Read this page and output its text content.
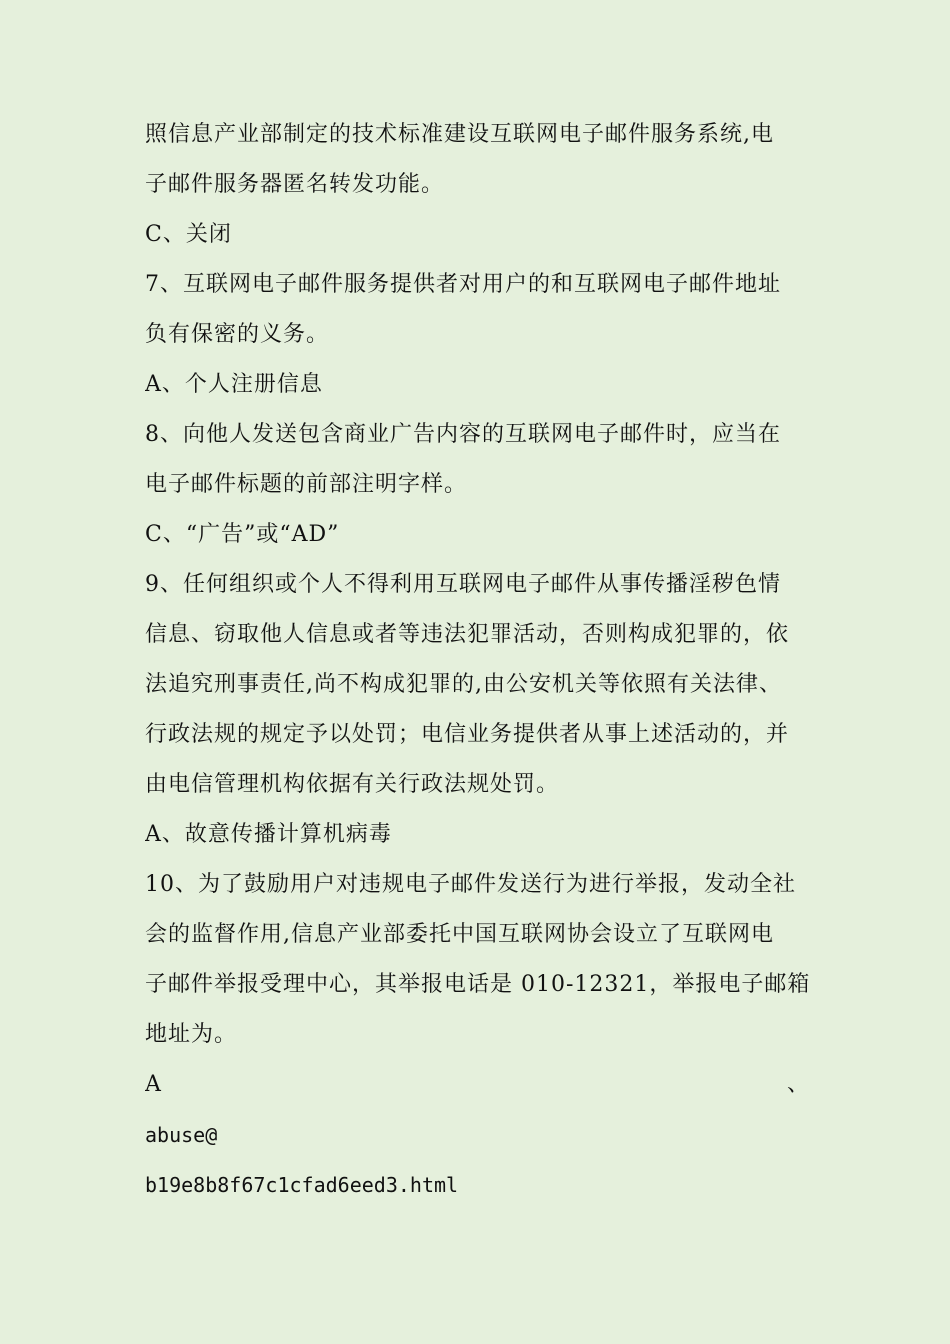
照信息产业部制定的技术标准建设互联网电子邮件服务系统,电
子邮件服务器匿名转发功能。
C、关闭
7、互联网电子邮件服务提供者对用户的和互联网电子邮件地址
负有保密的义务。
A、个人注册信息
8、向他人发送包含商业广告内容的互联网电子邮件时，应当在
电子邮件标题的前部注明字样。
C、“广告”或“AD”
9、任何组织或个人不得利用互联网电子邮件从事传播淫秽色情
信息、窃取他人信息或者等违法犯罪活动，否则构成犯罪的，依
法追究刑事责任,尚不构成犯罪的,由公安机关等依照有关法律、
行政法规的规定予以处罚；电信业务提供者从事上述活动的，并
由电信管理机构依据有关行政法规处罚。
A、故意传播计算机病毒
10、为了鼓励用户对违规电子邮件发送行为进行举报，发动全社
会的监督作用,信息产业部委托中国互联网协会设立了互联网电
子邮件举报受理中心，其举报电话是 010-12321，举报电子邮箱
地址为。
A	、
abuse@
b19e8b8f67c1cfad6eed3.html
